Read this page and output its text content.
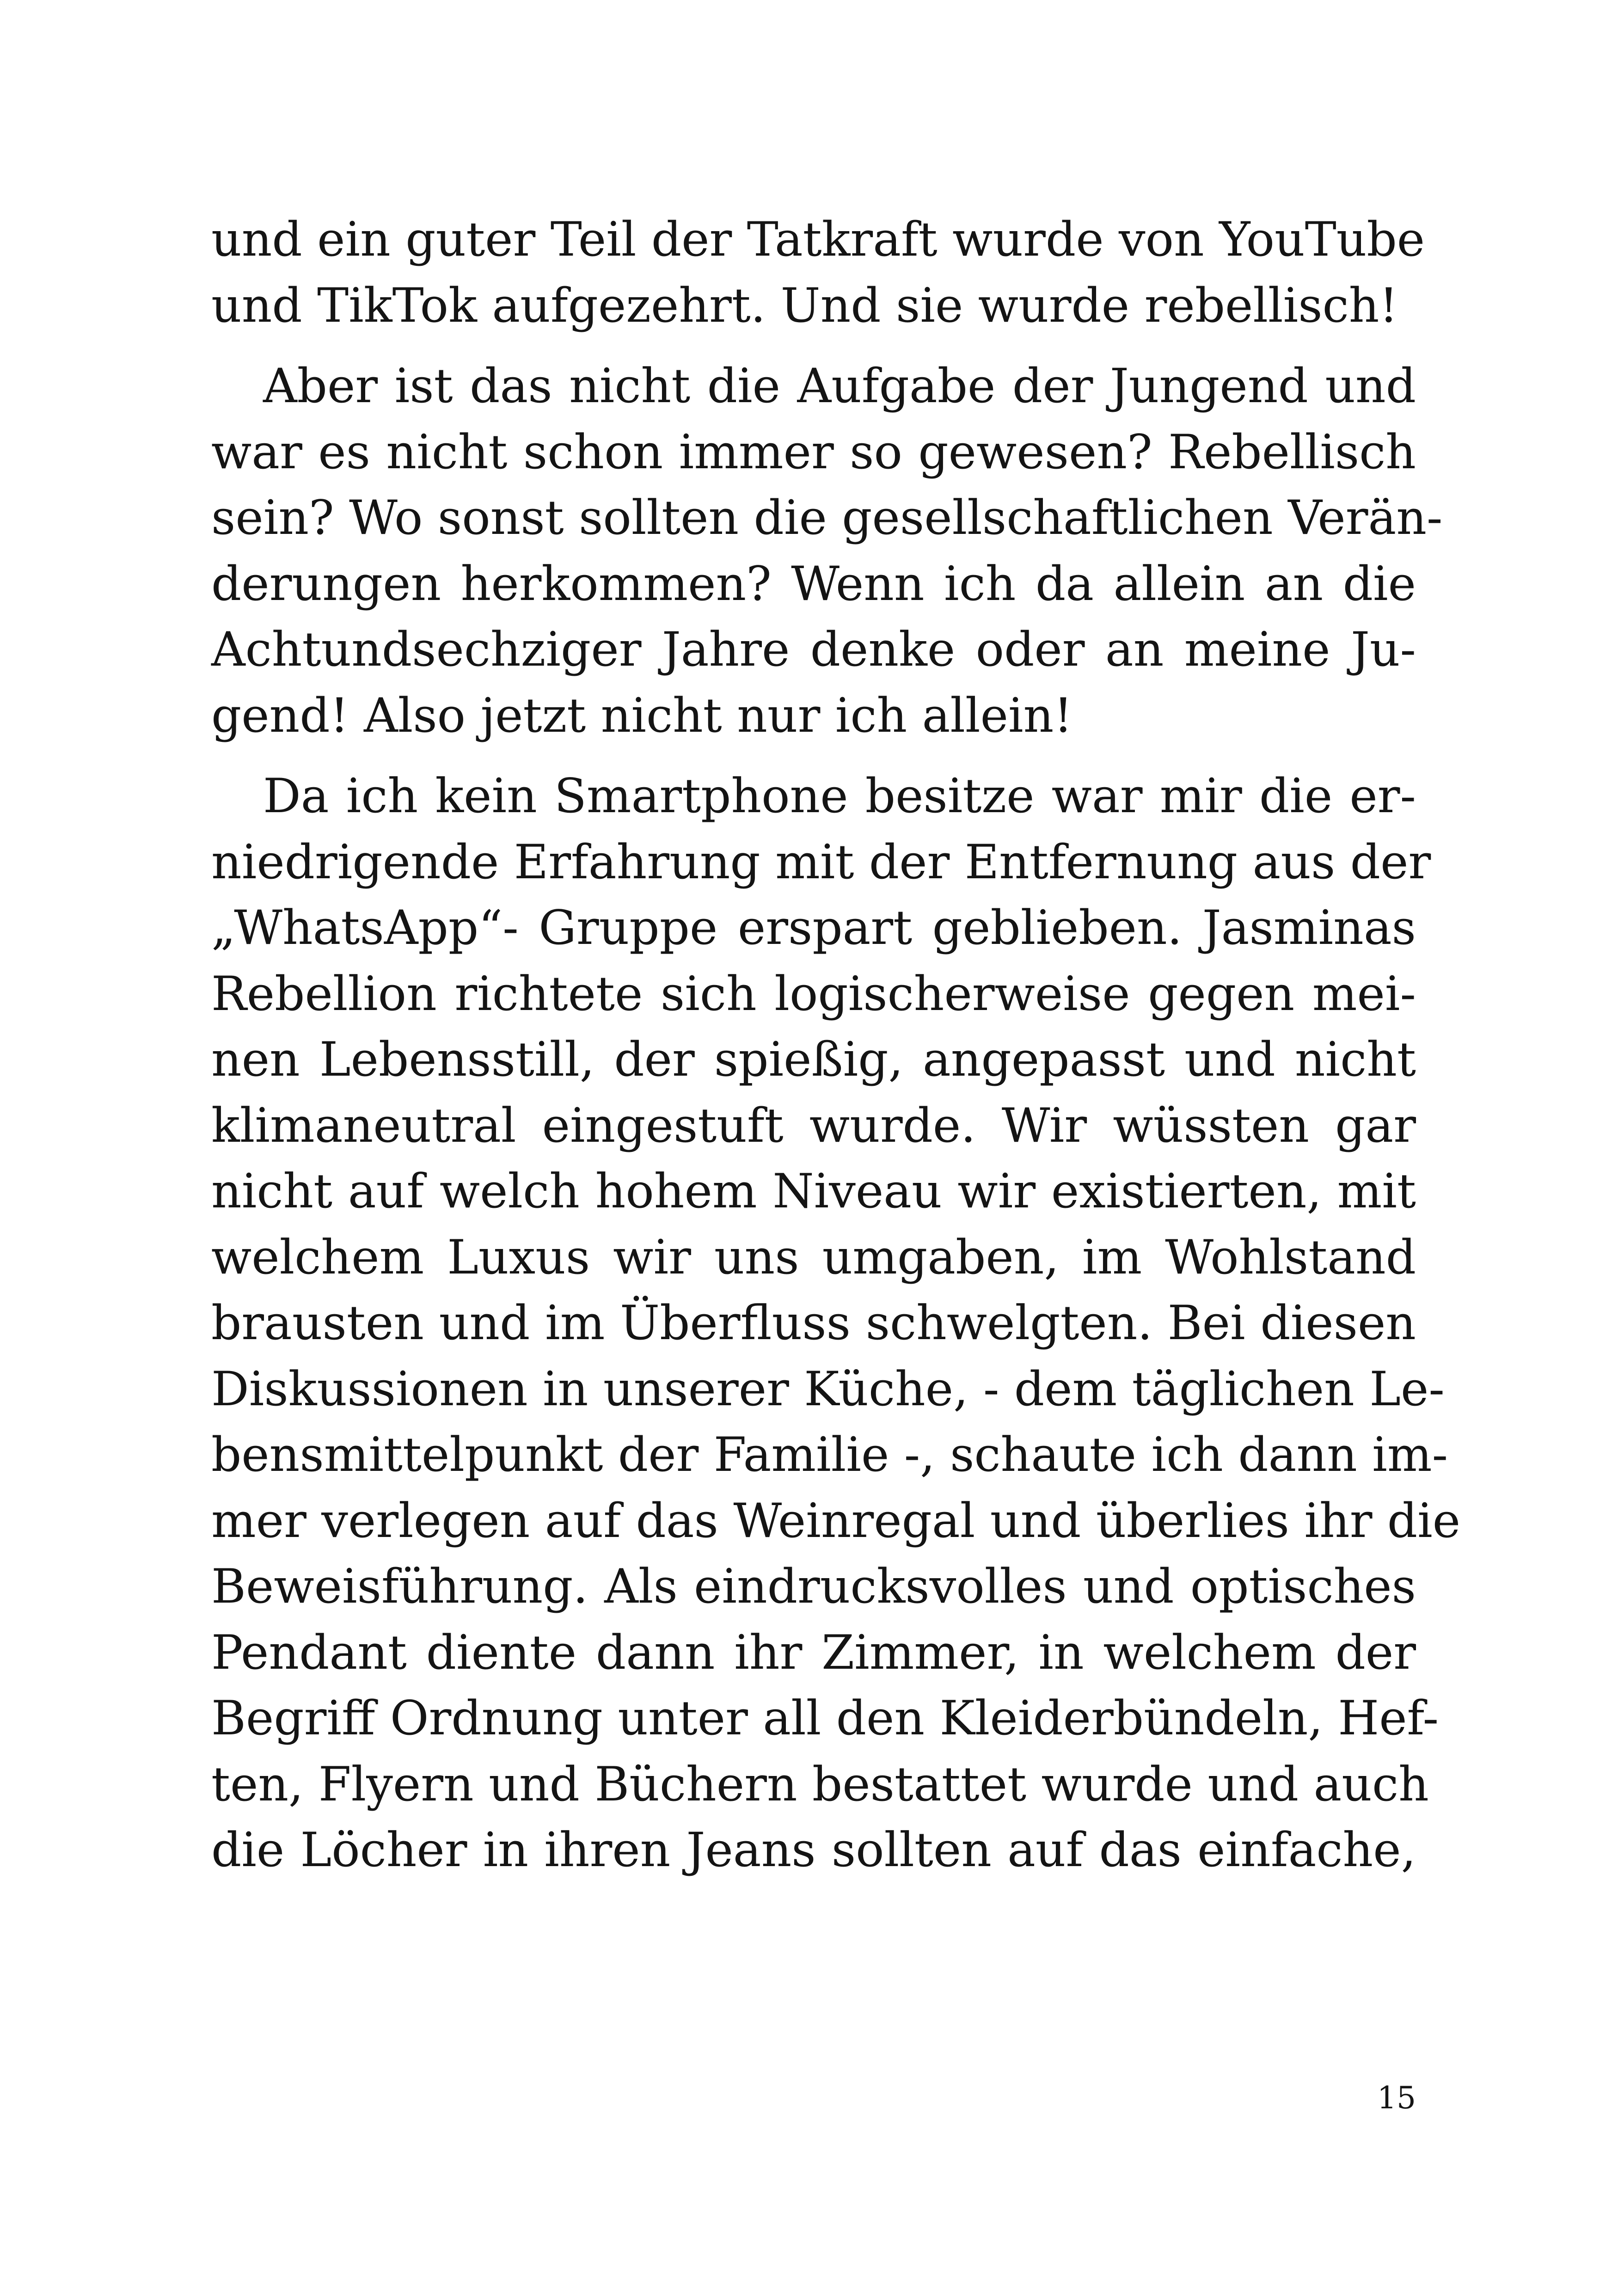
und ein guter Teil der Tatkraft wurde von YouTube
und TikTok aufgezehrt. Und sie wurde rebellisch!
Aber ist das nicht die Aufgabe der Jungend und
war es nicht schon immer so gewesen? Rebellisch
sein? Wo sonst sollten die gesellschaftlichen Verän-
derungen herkommen? Wenn ich da allein an die
Achtundsechziger Jahre denke oder an meine Ju-
gend! Also jetzt nicht nur ich allein!
Da ich kein Smartphone besitze war mir die er-
niedrigende Erfahrung mit der Entfernung aus der
„WhatsApp“- Gruppe erspart geblieben. Jasminas
Rebellion richtete sich logischerweise gegen mei-
nen Lebensstill, der spießig, angepasst und nicht
klimaneutral eingestuft wurde. Wir wüssten gar
nicht auf welch hohem Niveau wir existierten, mit
welchem Luxus wir uns umgaben, im Wohlstand
brausten und im Überfluss schwelgten. Bei diesen
Diskussionen in unserer Küche, - dem täglichen Le-
bensmittelpunkt der Familie -, schaute ich dann im-
mer verlegen auf das Weinregal und überlies ihr die
Beweisführung. Als eindrucksvolles und optisches
Pendant diente dann ihr Zimmer, in welchem der
Begriff Ordnung unter all den Kleiderbündeln, Hef-
ten, Flyern und Büchern bestattet wurde und auch
die Löcher in ihren Jeans sollten auf das einfache,
15
